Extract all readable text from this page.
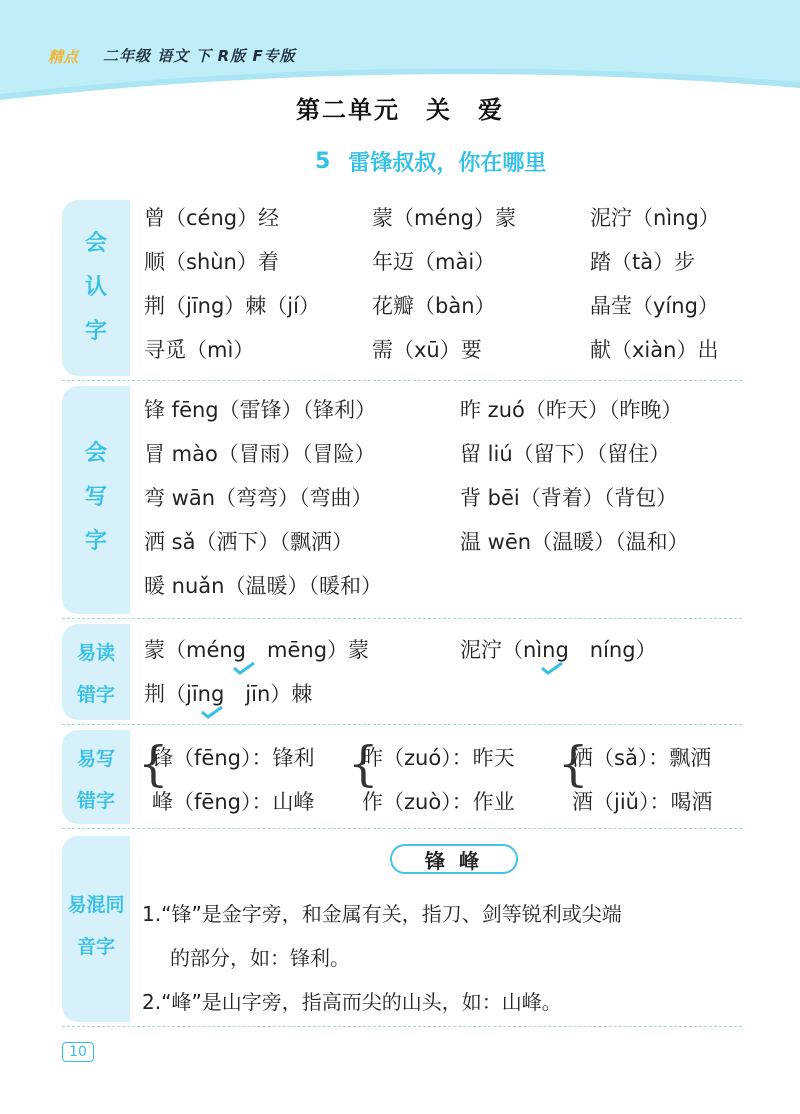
精点 二年级 语文 下 R版 F专版
第二单元　关　爱
5 雷锋叔叔，你在哪里
会
认
字
曾（céng）经	蒙（méng）蒙	泥泞（nìng）
顺（shùn）着	年迈（mài）	踏（tà）步
荆（jīng）棘（jí） 花瓣（bàn）	晶莹（yíng）
寻觅（mì）	需（xū）要	献（xiàn）出
会
写
字
锋 fēng（雷锋）（锋利）	昨 zuó（昨天）（昨晚）
冒 mào（冒雨）（冒险）	留 liú（留下）（留住）
弯 wān（弯弯）（弯曲）	背 bēi（背着）（背包）
洒 sǎ（洒下）（飘洒）	温 wēn（温暖）（温和）
暖 nuǎn（温暖）（暖和）
易读
错字
蒙（méng　mēng）蒙	泥泞（nìng　níng）
荆（jīng　jīn）棘
易写
错字
{
锋（fēng）：锋利
峰（fēng）：山峰
{
昨（zuó）：昨天
作（zuò）：作业
{
洒（sǎ）：飘洒
酒（jiǔ）：喝酒
易混同
音字
锋峰
1.“锋”是金字旁，和金属有关，指刀、剑等锐利或尖端
的部分，如：锋利。
2.“峰”是山字旁，指高而尖的山头，如：山峰。
10
